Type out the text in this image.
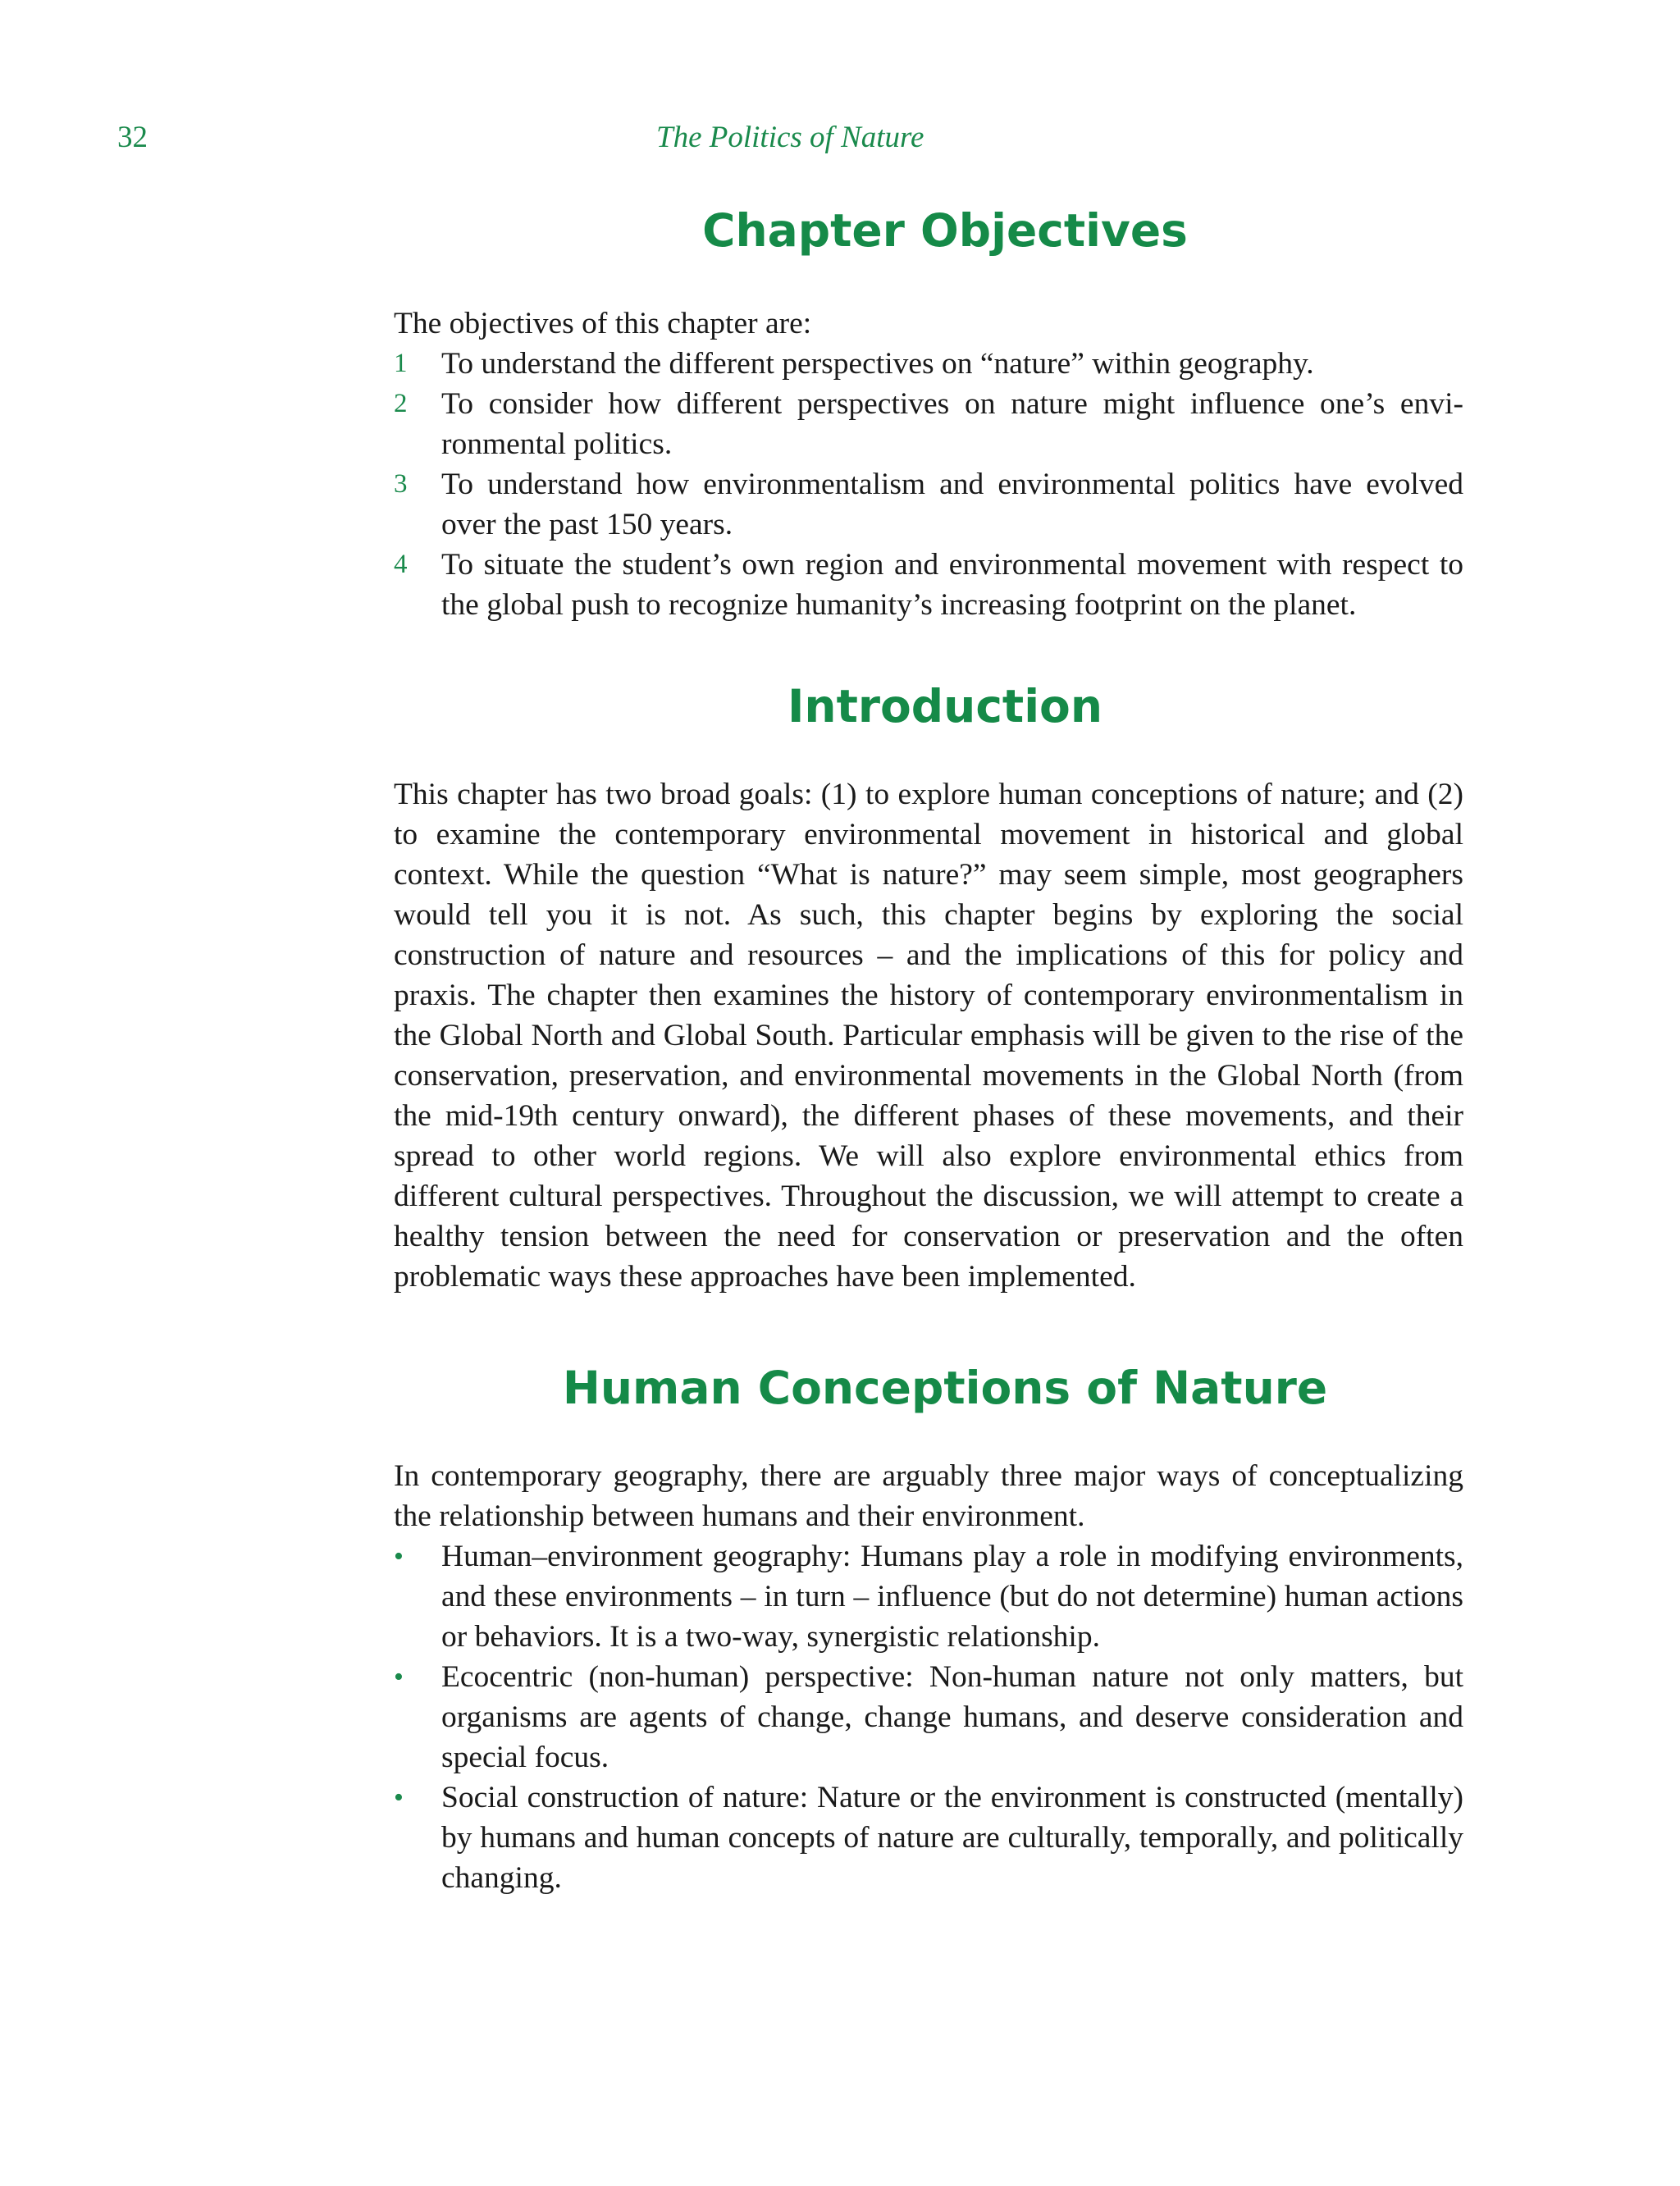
32	The Politics of Nature
Chapter Objectives

The objectives of this chapter are:

1 To understand the different perspectives on “nature” within geography.
2 To consider how different perspectives on nature might influence one’s environmental politics.
3 To understand how environmentalism and environmental politics have evolved over the past 150 years.
4 To situate the student’s own region and environmental movement with respect to the global push to recognize humanity’s increasing footprint on the planet.
Introduction

This chapter has two broad goals: (1) to explore human conceptions of nature; and (2) to examine the contemporary environmental movement in historical and global context. While the question “What is nature?” may seem simple, most geographers would tell you it is not. As such, this chapter begins by exploring the social construction of nature and resources – and the implications of this for policy and praxis. The chapter then examines the history of contemporary environmentalism in the Global North and Global South. Particular emphasis will be given to the rise of the conservation, preservation, and environmental movements in the Global North (from the mid-19th century onward), the different phases of these movements, and their spread to other world regions. We will also explore environmental ethics from different cultural perspectives. Throughout the discussion, we will attempt to create a healthy tension between the need for conservation or preservation and the often problematic ways these approaches have been implemented.

Human Conceptions of Nature

In contemporary geography, there are arguably three major ways of conceptualizing the relationship between humans and their environment.

• Human–environment geography: Humans play a role in modifying environments, and these environments – in turn – influence (but do not determine) human actions or behaviors. It is a two-way, synergistic relationship.
• Ecocentric (non-human) perspective: Non-human nature not only matters, but organisms are agents of change, change humans, and deserve consideration and special focus.
• Social construction of nature: Nature or the environment is constructed (mentally) by humans and human concepts of nature are culturally, temporally, and politically changing.
